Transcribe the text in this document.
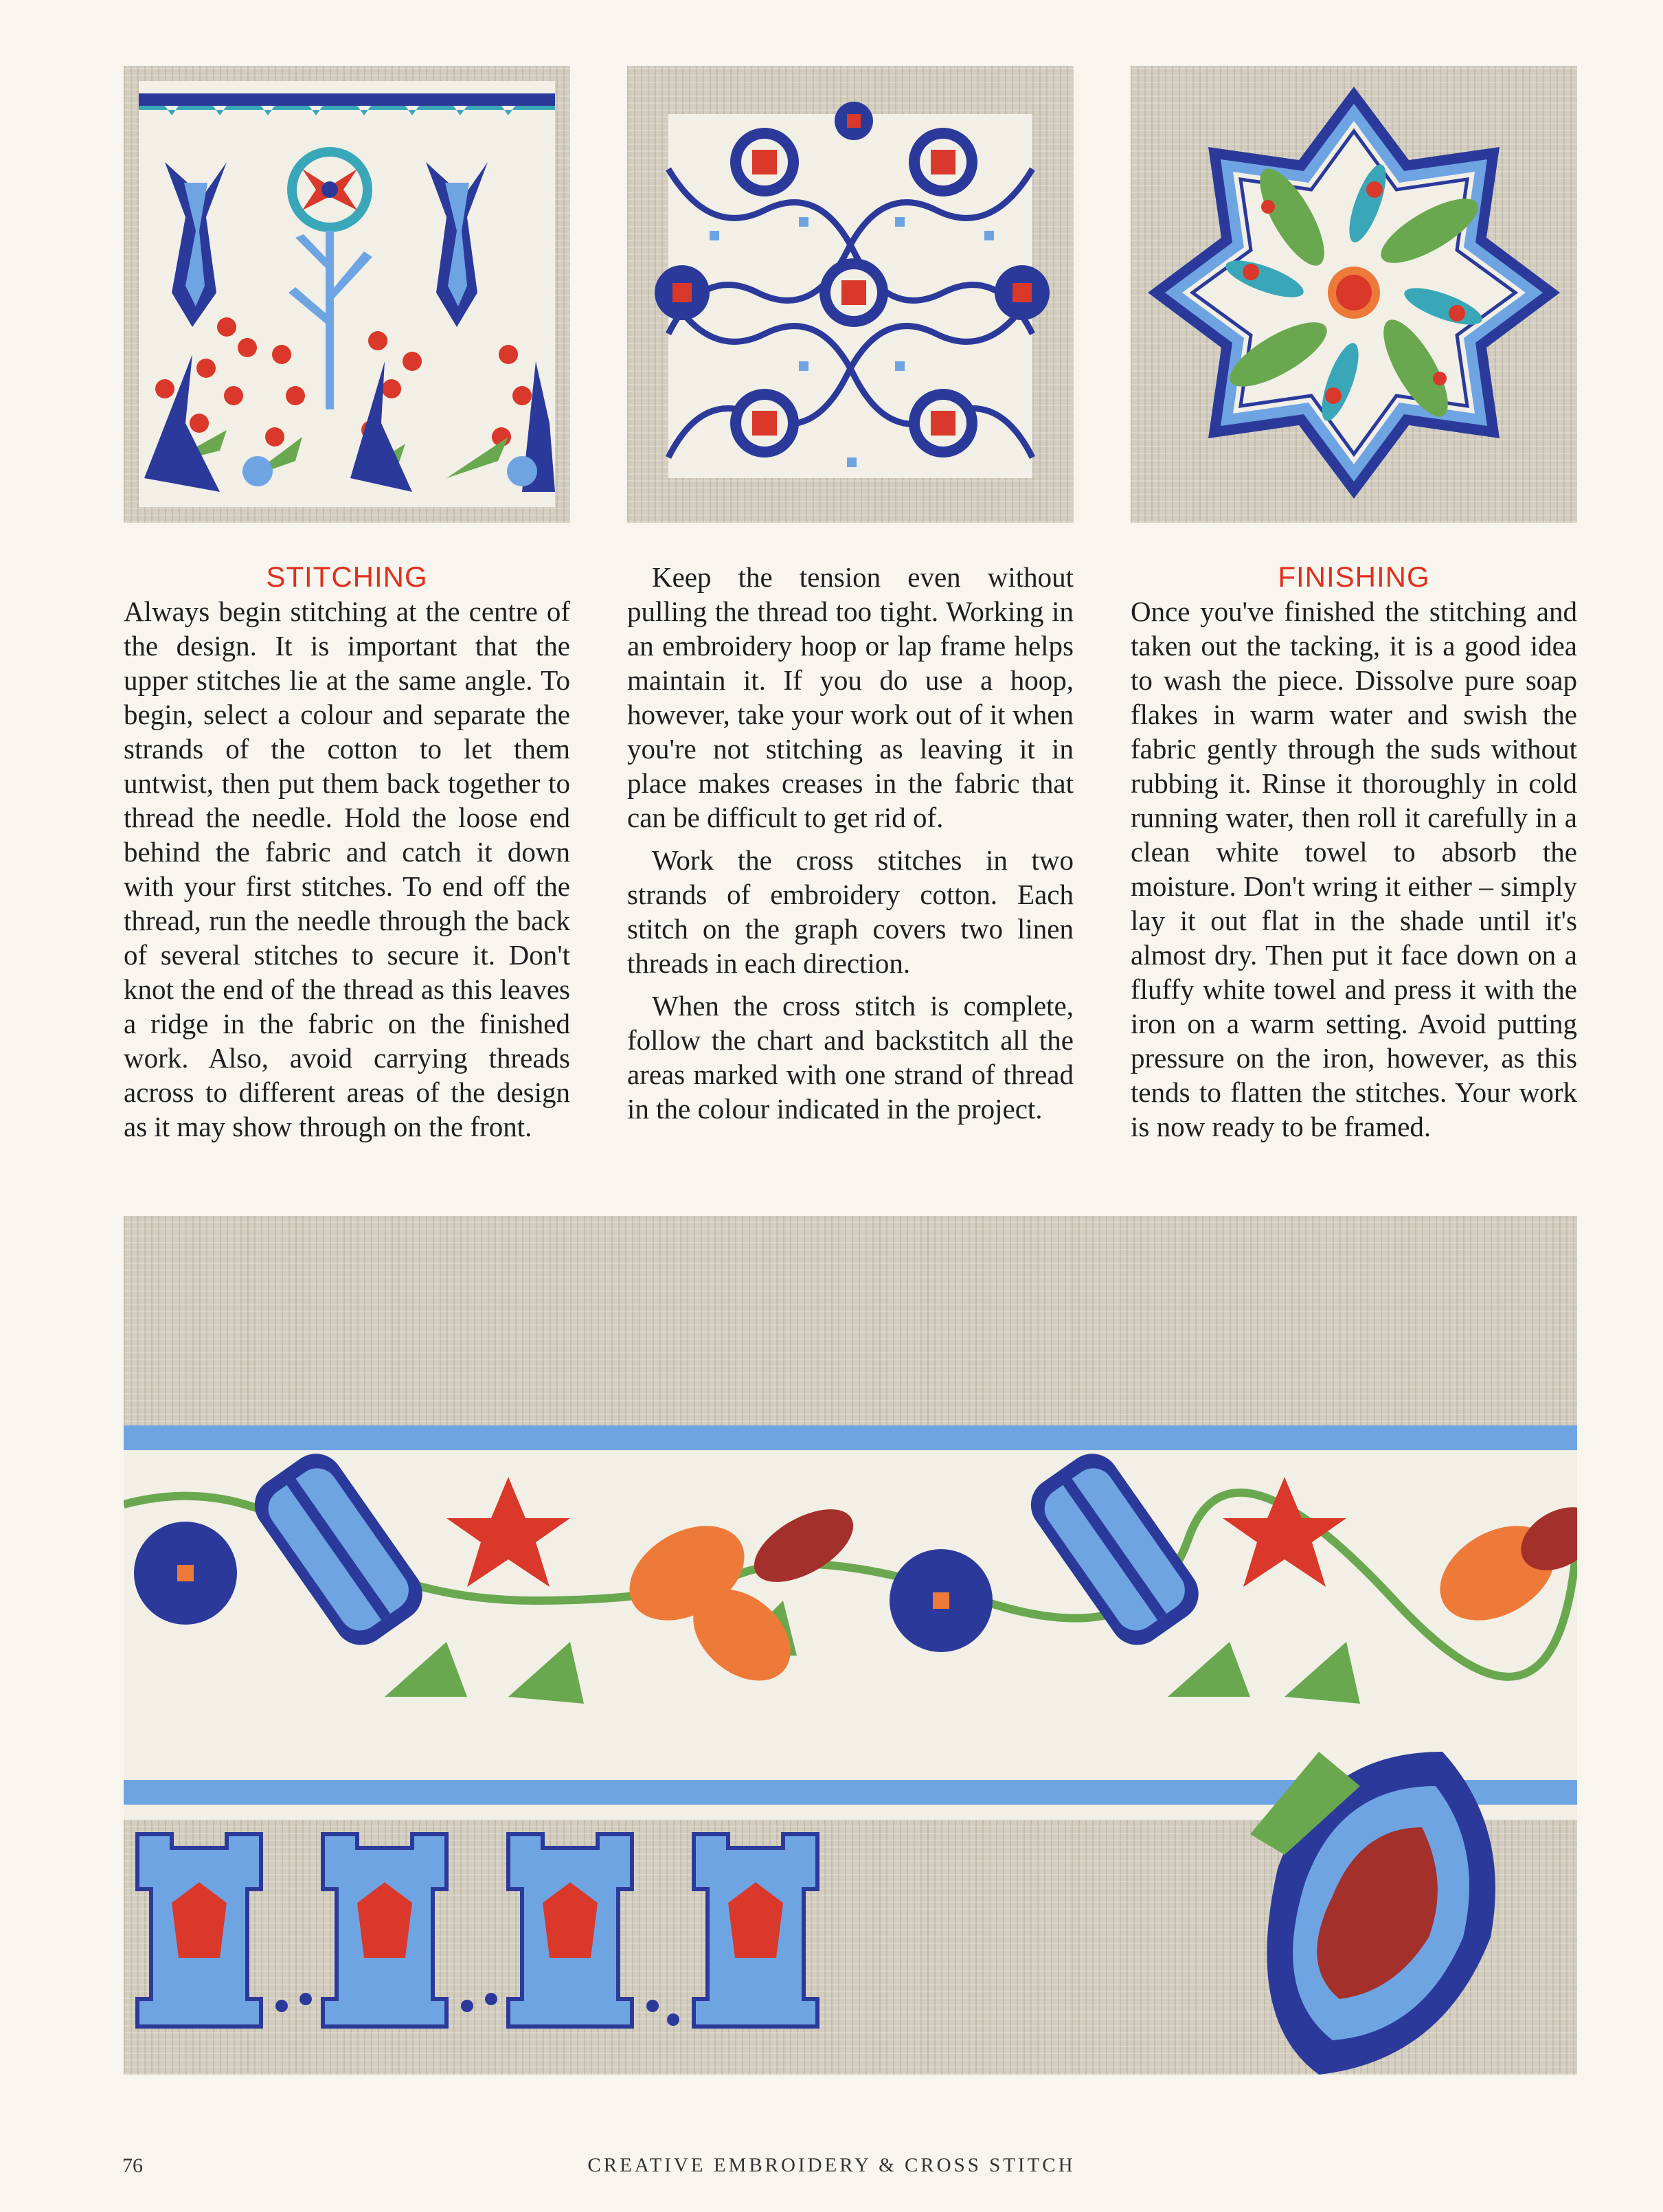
STITCHING

Always begin stitching at the centre of the design. It is important that the upper stitches lie at the same angle. To begin, select a colour and separate the strands of the cotton to let them untwist, then put them back together to thread the needle. Hold the loose end behind the fabric and catch it down with your first stitches. To end off the thread, run the needle through the back of several stitches to secure it. Don't knot the end of the thread as this leaves a ridge in the fabric on the finished work. Also, avoid carrying threads across to different areas of the design as it may show through on the front.

Keep the tension even without pulling the thread too tight. Working in an embroidery hoop or lap frame helps maintain it. If you do use a hoop, however, take your work out of it when you're not stitching as leaving it in place makes creases in the fabric that can be difficult to get rid of.

Work the cross stitches in two strands of embroidery cotton. Each stitch on the graph covers two linen threads in each direction.

When the cross stitch is complete, follow the chart and backstitch all the areas marked with one strand of thread in the colour indicated in the project.

FINISHING

Once you've finished the stitching and taken out the tacking, it is a good idea to wash the piece. Dissolve pure soap flakes in warm water and swish the fabric gently through the suds without rubbing it. Rinse it thoroughly in cold running water, then roll it carefully in a clean white towel to absorb the moisture. Don't wring it either – simply lay it out flat in the shade until it's almost dry. Then put it face down on a fluffy white towel and press it with the iron on a warm setting. Avoid putting pressure on the iron, however, as this tends to flatten the stitches. Your work is now ready to be framed.

76	CREATIVE EMBROIDERY & CROSS STITCH
